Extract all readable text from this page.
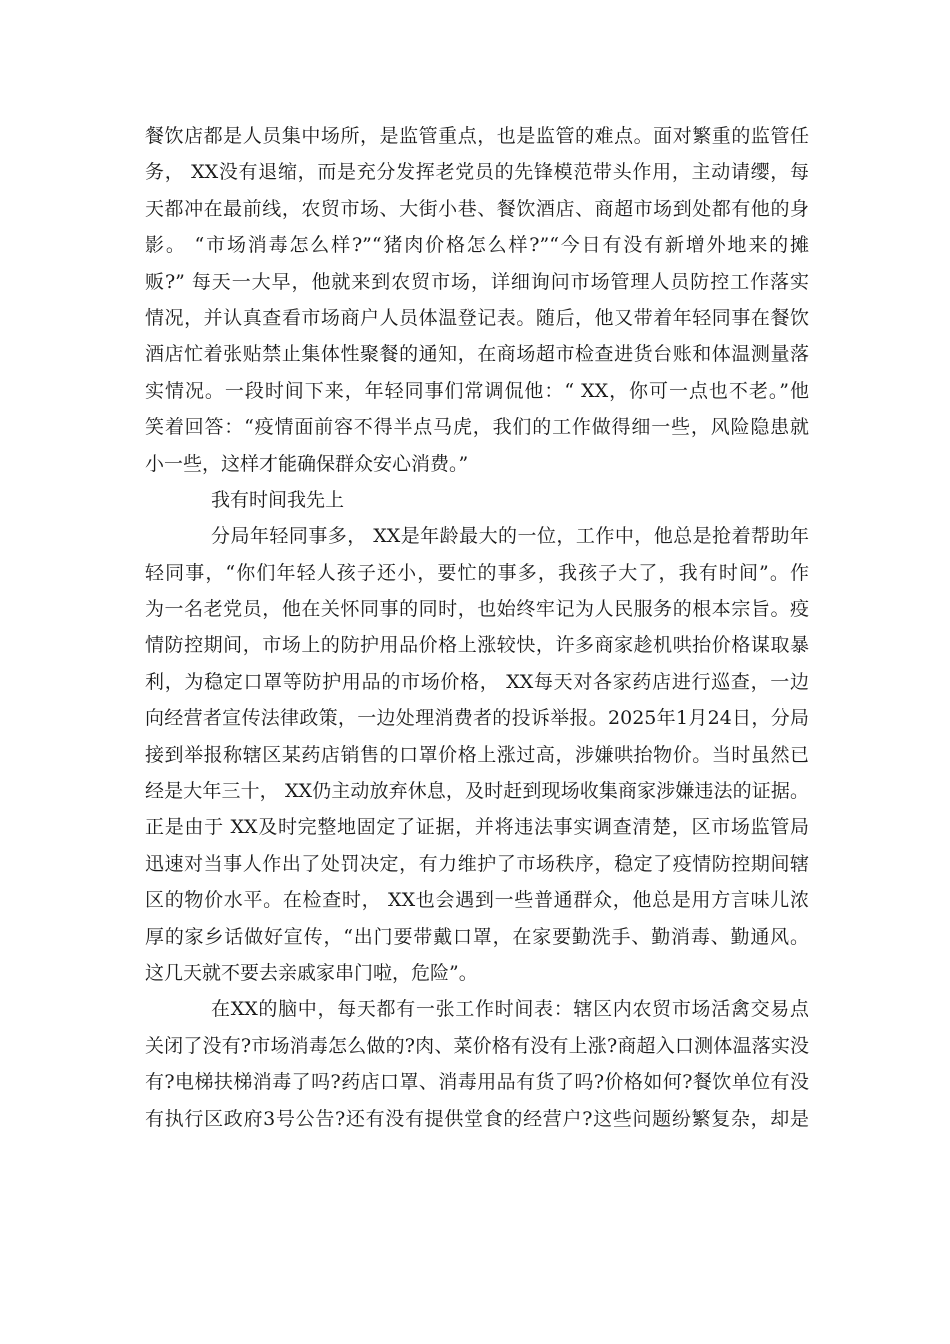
餐饮店都是人员集中场所，是监管重点，也是监管的难点。面对繁重的监管任
务， XX没有退缩，而是充分发挥老党员的先锋模范带头作用，主动请缨，每
天都冲在最前线，农贸市场、大街小巷、餐饮酒店、商超市场到处都有他的身
影。 “市场消毒怎么样?”“猪肉价格怎么样?”“今日有没有新增外地来的摊
贩?” 每天一大早，他就来到农贸市场，详细询问市场管理人员防控工作落实
情况，并认真查看市场商户人员体温登记表。随后，他又带着年轻同事在餐饮
酒店忙着张贴禁止集体性聚餐的通知，在商场超市检查进货台账和体温测量落
实情况。一段时间下来，年轻同事们常调侃他：“ XX，你可一点也不老。”他
笑着回答：“疫情面前容不得半点马虎，我们的工作做得细一些，风险隐患就
小一些，这样才能确保群众安心消费。”
我有时间我先上
分局年轻同事多， XX是年龄最大的一位，工作中，他总是抢着帮助年
轻同事，“你们年轻人孩子还小，要忙的事多，我孩子大了，我有时间”。作
为一名老党员，他在关怀同事的同时，也始终牢记为人民服务的根本宗旨。疫
情防控期间，市场上的防护用品价格上涨较快，许多商家趁机哄抬价格谋取暴
利，为稳定口罩等防护用品的市场价格， XX每天对各家药店进行巡查，一边
向经营者宣传法律政策，一边处理消费者的投诉举报。2025年1月24日，分局
接到举报称辖区某药店销售的口罩价格上涨过高，涉嫌哄抬物价。当时虽然已
经是大年三十， XX仍主动放弃休息，及时赶到现场收集商家涉嫌违法的证据。
正是由于 XX及时完整地固定了证据，并将违法事实调查清楚，区市场监管局
迅速对当事人作出了处罚决定，有力维护了市场秩序，稳定了疫情防控期间辖
区的物价水平。在检查时， XX也会遇到一些普通群众，他总是用方言味儿浓
厚的家乡话做好宣传，“出门要带戴口罩，在家要勤洗手、勤消毒、勤通风。
这几天就不要去亲戚家串门啦，危险”。
在XX的脑中，每天都有一张工作时间表：辖区内农贸市场活禽交易点
关闭了没有?市场消毒怎么做的?肉、菜价格有没有上涨?商超入口测体温落实没
有?电梯扶梯消毒了吗?药店口罩、消毒用品有货了吗?价格如何?餐饮单位有没
有执行区政府3号公告?还有没有提供堂食的经营户?这些问题纷繁复杂，却是
